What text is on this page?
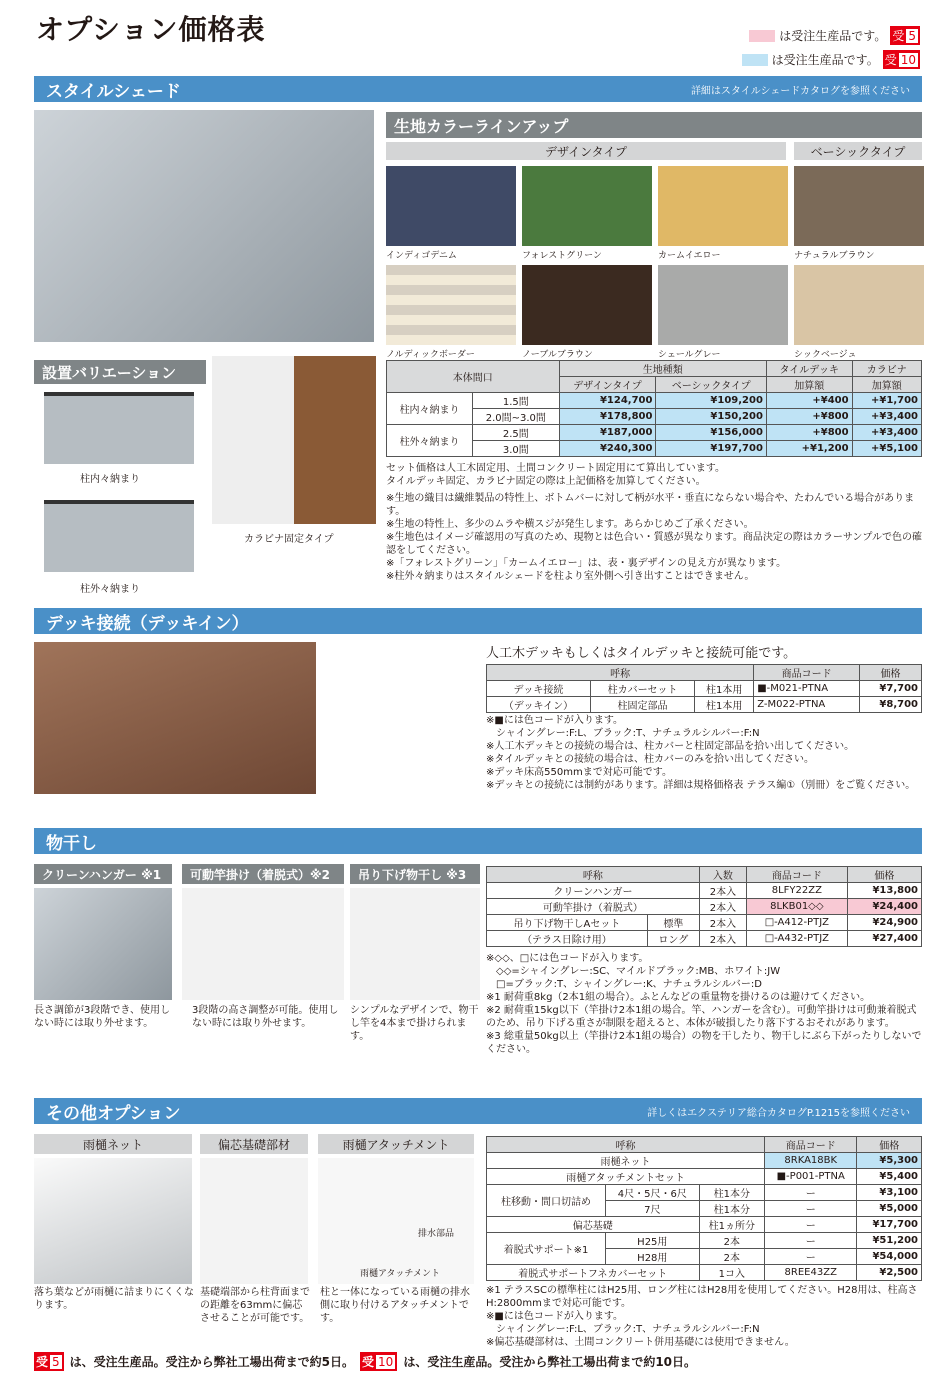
オプション価格表	は受注生産品です。 受 5
は受注生産品です。 受 10
スタイルシェード	詳細はスタイルシェードカタログを参照ください
生地カラーラインアップ
デザインタイプ	ベーシックタイプ
インディゴデニム	フォレストグリーン	カームイエロー	ナチュラルブラウン
ノルディックボーダー	ノーブルブラウン	シェールグレー	シックベージュ
設置バリエーション
柱内々納まり
柱外々納まり
カラビナ固定タイプ
本体間口		生地種類		タイルデッキ	カラビナ
		デザインタイプ	ベーシックタイプ	加算額	加算額
柱内々納まり	1.5間	¥124,700	¥109,200	+¥400	+¥1,700
	2.0間~3.0間	¥178,800	¥150,200	+¥800	+¥3,400
柱外々納まり	2.5間	¥187,000	¥156,000	+¥800	+¥3,400
	3.0間	¥240,300	¥197,700	+¥1,200	+¥5,100
セット価格は人工木固定用、土間コンクリート固定用にて算出しています。
タイルデッキ固定、カラビナ固定の際は上記価格を加算してください。
※生地の織目は繊維製品の特性上、ボトムバーに対して柄が水平・垂直にならない場合や、たわんでいる場合があります。
※生地の特性上、多少のムラや横スジが発生します。あらかじめご了承ください。
※生地色はイメージ確認用の写真のため、現物とは色合い・質感が異なります。商品決定の際はカラーサンプルで色の確認をしてください。
※「フォレストグリーン」「カームイエロー」は、表・裏デザインの見え方が異なります。
※柱外々納まりはスタイルシェードを柱より室外側へ引き出すことはできません。
デッキ接続（デッキイン）
人工木デッキもしくはタイルデッキと接続可能です。
呼称			商品コード	価格
デッキ接続	柱カバーセット	柱1本用	■-M021-PTNA	¥7,700
（デッキイン）	柱固定部品	柱1本用	Z-M022-PTNA	¥8,700
※■には色コードが入ります。
　シャイングレー:F:L、ブラック:T、ナチュラルシルバー:F:N
※人工木デッキとの接続の場合は、柱カバーと柱固定部品を拾い出してください。
※タイルデッキとの接続の場合は、柱カバーのみを拾い出してください。
※デッキ床高550mmまで対応可能です。
※デッキとの接続には制約があります。詳細は規格価格表 テラス編①（別冊）をご覧ください。
物干し
クリーンハンガー ※1	可動竿掛け（着脱式）※2	吊り下げ物干し ※3
長さ調節が3段階でき、使用しない時には取り外せます。
3段階の高さ調整が可能。使用しない時には取り外せます。
シンプルなデザインで、物干し竿を4本まで掛けられます。
呼称		入数	商品コード	価格
クリーンハンガー		2本入	8LFY22ZZ	¥13,800
可動竿掛け（着脱式）		2本入	8LKB01◇◇	¥24,400
吊り下げ物干しAセット	標準	2本入	□-A412-PTJZ	¥24,900
（テラス日除け用）	ロング	2本入	□-A432-PTJZ	¥27,400
※◇◇、□には色コードが入ります。
　◇◇=シャイングレー:SC、マイルドブラック:MB、ホワイト:JW
　□=ブラック:T、シャイングレー:K、ナチュラルシルバー:D
※1 耐荷重8kg（2本1組の場合）。ふとんなどの重量物を掛けるのは避けてください。
※2 耐荷重15kg以下（竿掛け2本1組の場合。竿、ハンガーを含む）。可動竿掛けは可動兼着脱式のため、吊り下げる重さが制限を超えると、本体が破損したり落下するおそれがあります。
※3 総重量50kg以上（竿掛け2本1組の場合）の物を干したり、物干しにぶら下がったりしないでください。
その他オプション	詳しくはエクステリア総合カタログP.1215を参照ください
雨樋ネット	偏芯基礎部材	雨樋アタッチメント
排水部品
雨樋アタッチメント
落ち葉などが雨樋に詰まりにくくなります。
基礎端部から柱背面までの距離を63mmに偏芯させることが可能です。
柱と一体になっている雨樋の排水側に取り付けるアタッチメントです。
呼称			商品コード	価格
雨樋ネット			8RKA18BK	¥5,300
雨樋アタッチメントセット			■-P001-PTNA	¥5,400
柱移動・間口切詰め	4尺・5尺・6尺	柱1本分	ー	¥3,100
	7尺	柱1本分	ー	¥5,000
偏芯基礎		柱1ヵ所分	ー	¥17,700
着脱式サポート※1	H25用	2本	ー	¥51,200
	H28用	2本	ー	¥54,000
着脱式サポートフネカバーセット		1コ入	8REE43ZZ	¥2,500
※1 テラスSCの標準柱にはH25用、ロング柱にはH28用を使用してください。H28用は、柱高さH:2800mmまで対応可能です。
※■には色コードが入ります。
　シャイングレー:F:L、ブラック:T、ナチュラルシルバー:F:N
※偏芯基礎部材は、土間コンクリート併用基礎には使用できません。
受 5 は、受注生産品。受注から弊社工場出荷まで約5日。 受 10 は、受注生産品。受注から弊社工場出荷まで約10日。
